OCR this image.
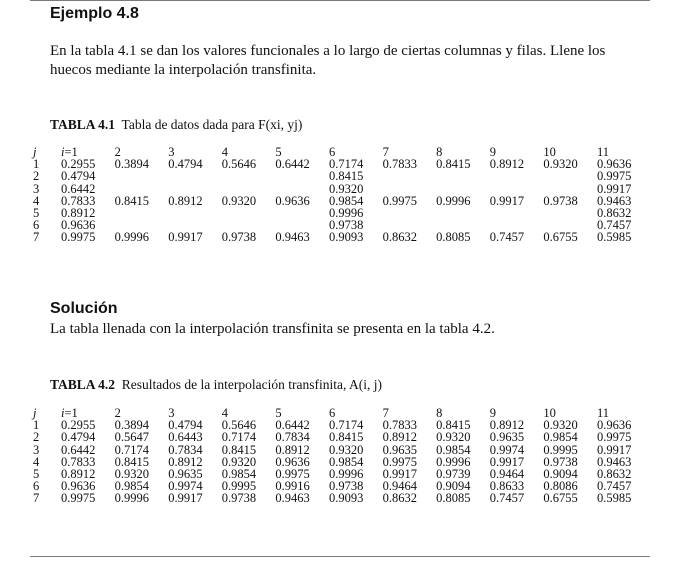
Ejemplo 4.8
En la tabla 4.1 se dan los valores funcionales a lo largo de ciertas columnas y filas. Llene los huecos mediante la interpolación transfinita.
TABLA 4.1 Tabla de datos dada para F(xi, yj)
j	i=1	2	3	4	5	6	7	8	9	10	11
1	0.2955	0.3894	0.4794	0.5646	0.6442	0.7174	0.7833	0.8415	0.8912	0.9320	0.9636
2	0.4794					0.8415					0.9975
3	0.6442					0.9320					0.9917
4	0.7833	0.8415	0.8912	0.9320	0.9636	0.9854	0.9975	0.9996	0.9917	0.9738	0.9463
5	0.8912					0.9996					0.8632
6	0.9636					0.9738					0.7457
7	0.9975	0.9996	0.9917	0.9738	0.9463	0.9093	0.8632	0.8085	0.7457	0.6755	0.5985
Solución
La tabla llenada con la interpolación transfinita se presenta en la tabla 4.2.
TABLA 4.2 Resultados de la interpolación transfinita, A(i, j)
j	i=1	2	3	4	5	6	7	8	9	10	11
1	0.2955	0.3894	0.4794	0.5646	0.6442	0.7174	0.7833	0.8415	0.8912	0.9320	0.9636
2	0.4794	0.5647	0.6443	0.7174	0.7834	0.8415	0.8912	0.9320	0.9635	0.9854	0.9975
3	0.6442	0.7174	0.7834	0.8415	0.8912	0.9320	0.9635	0.9854	0.9974	0.9995	0.9917
4	0.7833	0.8415	0.8912	0.9320	0.9636	0.9854	0.9975	0.9996	0.9917	0.9738	0.9463
5	0.8912	0.9320	0.9635	0.9854	0.9975	0.9996	0.9917	0.9739	0.9464	0.9094	0.8632
6	0.9636	0.9854	0.9974	0.9995	0.9916	0.9738	0.9464	0.9094	0.8633	0.8086	0.7457
7	0.9975	0.9996	0.9917	0.9738	0.9463	0.9093	0.8632	0.8085	0.7457	0.6755	0.5985
